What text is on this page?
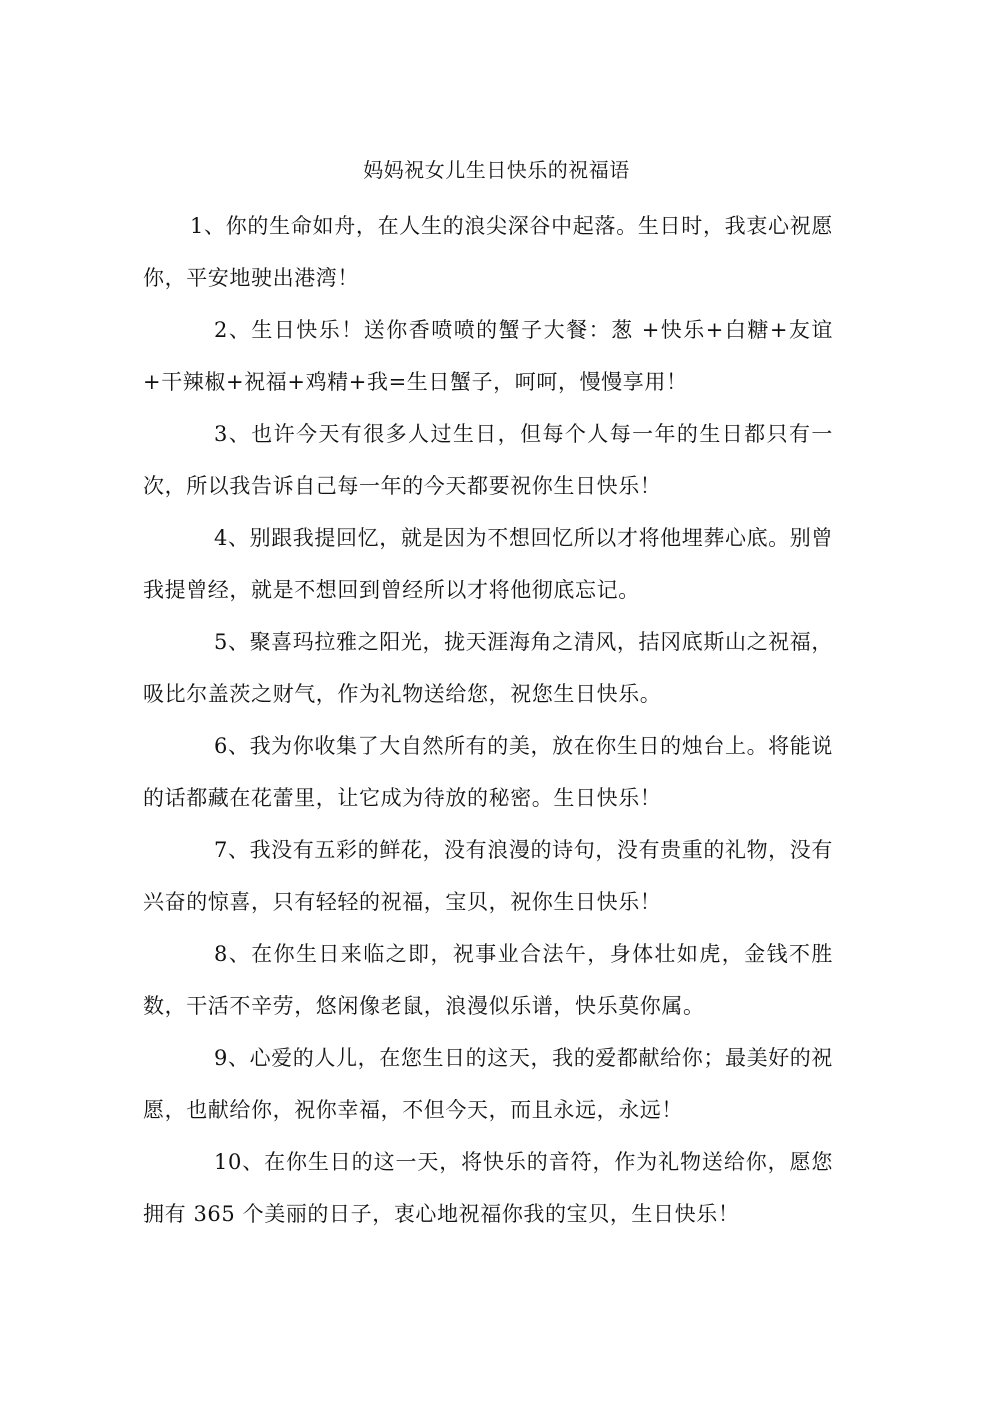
妈妈祝女儿生日快乐的祝福语

1、你的生命如舟，在人生的浪尖深谷中起落。生日时，我衷心祝愿你，平安地驶出港湾！

2、生日快乐！送你香喷喷的蟹子大餐：葱 +快乐+白糖+友谊+干辣椒+祝福+鸡精+我=生日蟹子，呵呵，慢慢享用！

3、也许今天有很多人过生日，但每个人每一年的生日都只有一次，所以我告诉自己每一年的今天都要祝你生日快乐！

4、别跟我提回忆，就是因为不想回忆所以才将他埋葬心底。别曾我提曾经，就是不想回到曾经所以才将他彻底忘记。

5、聚喜玛拉雅之阳光，拢天涯海角之清风，拮冈底斯山之祝福，吸比尔盖茨之财气，作为礼物送给您，祝您生日快乐。

6、我为你收集了大自然所有的美，放在你生日的烛台上。将能说的话都藏在花蕾里，让它成为待放的秘密。生日快乐！

7、我没有五彩的鲜花，没有浪漫的诗句，没有贵重的礼物，没有兴奋的惊喜，只有轻轻的祝福，宝贝，祝你生日快乐！

8、在你生日来临之即，祝事业合法午，身体壮如虎，金钱不胜数，干活不辛劳，悠闲像老鼠，浪漫似乐谱，快乐莫你属。

9、心爱的人儿，在您生日的这天，我的爱都献给你；最美好的祝愿，也献给你，祝你幸福，不但今天，而且永远，永远！

10、在你生日的这一天，将快乐的音符，作为礼物送给你，愿您拥有 365 个美丽的日子，衷心地祝福你我的宝贝，生日快乐！
